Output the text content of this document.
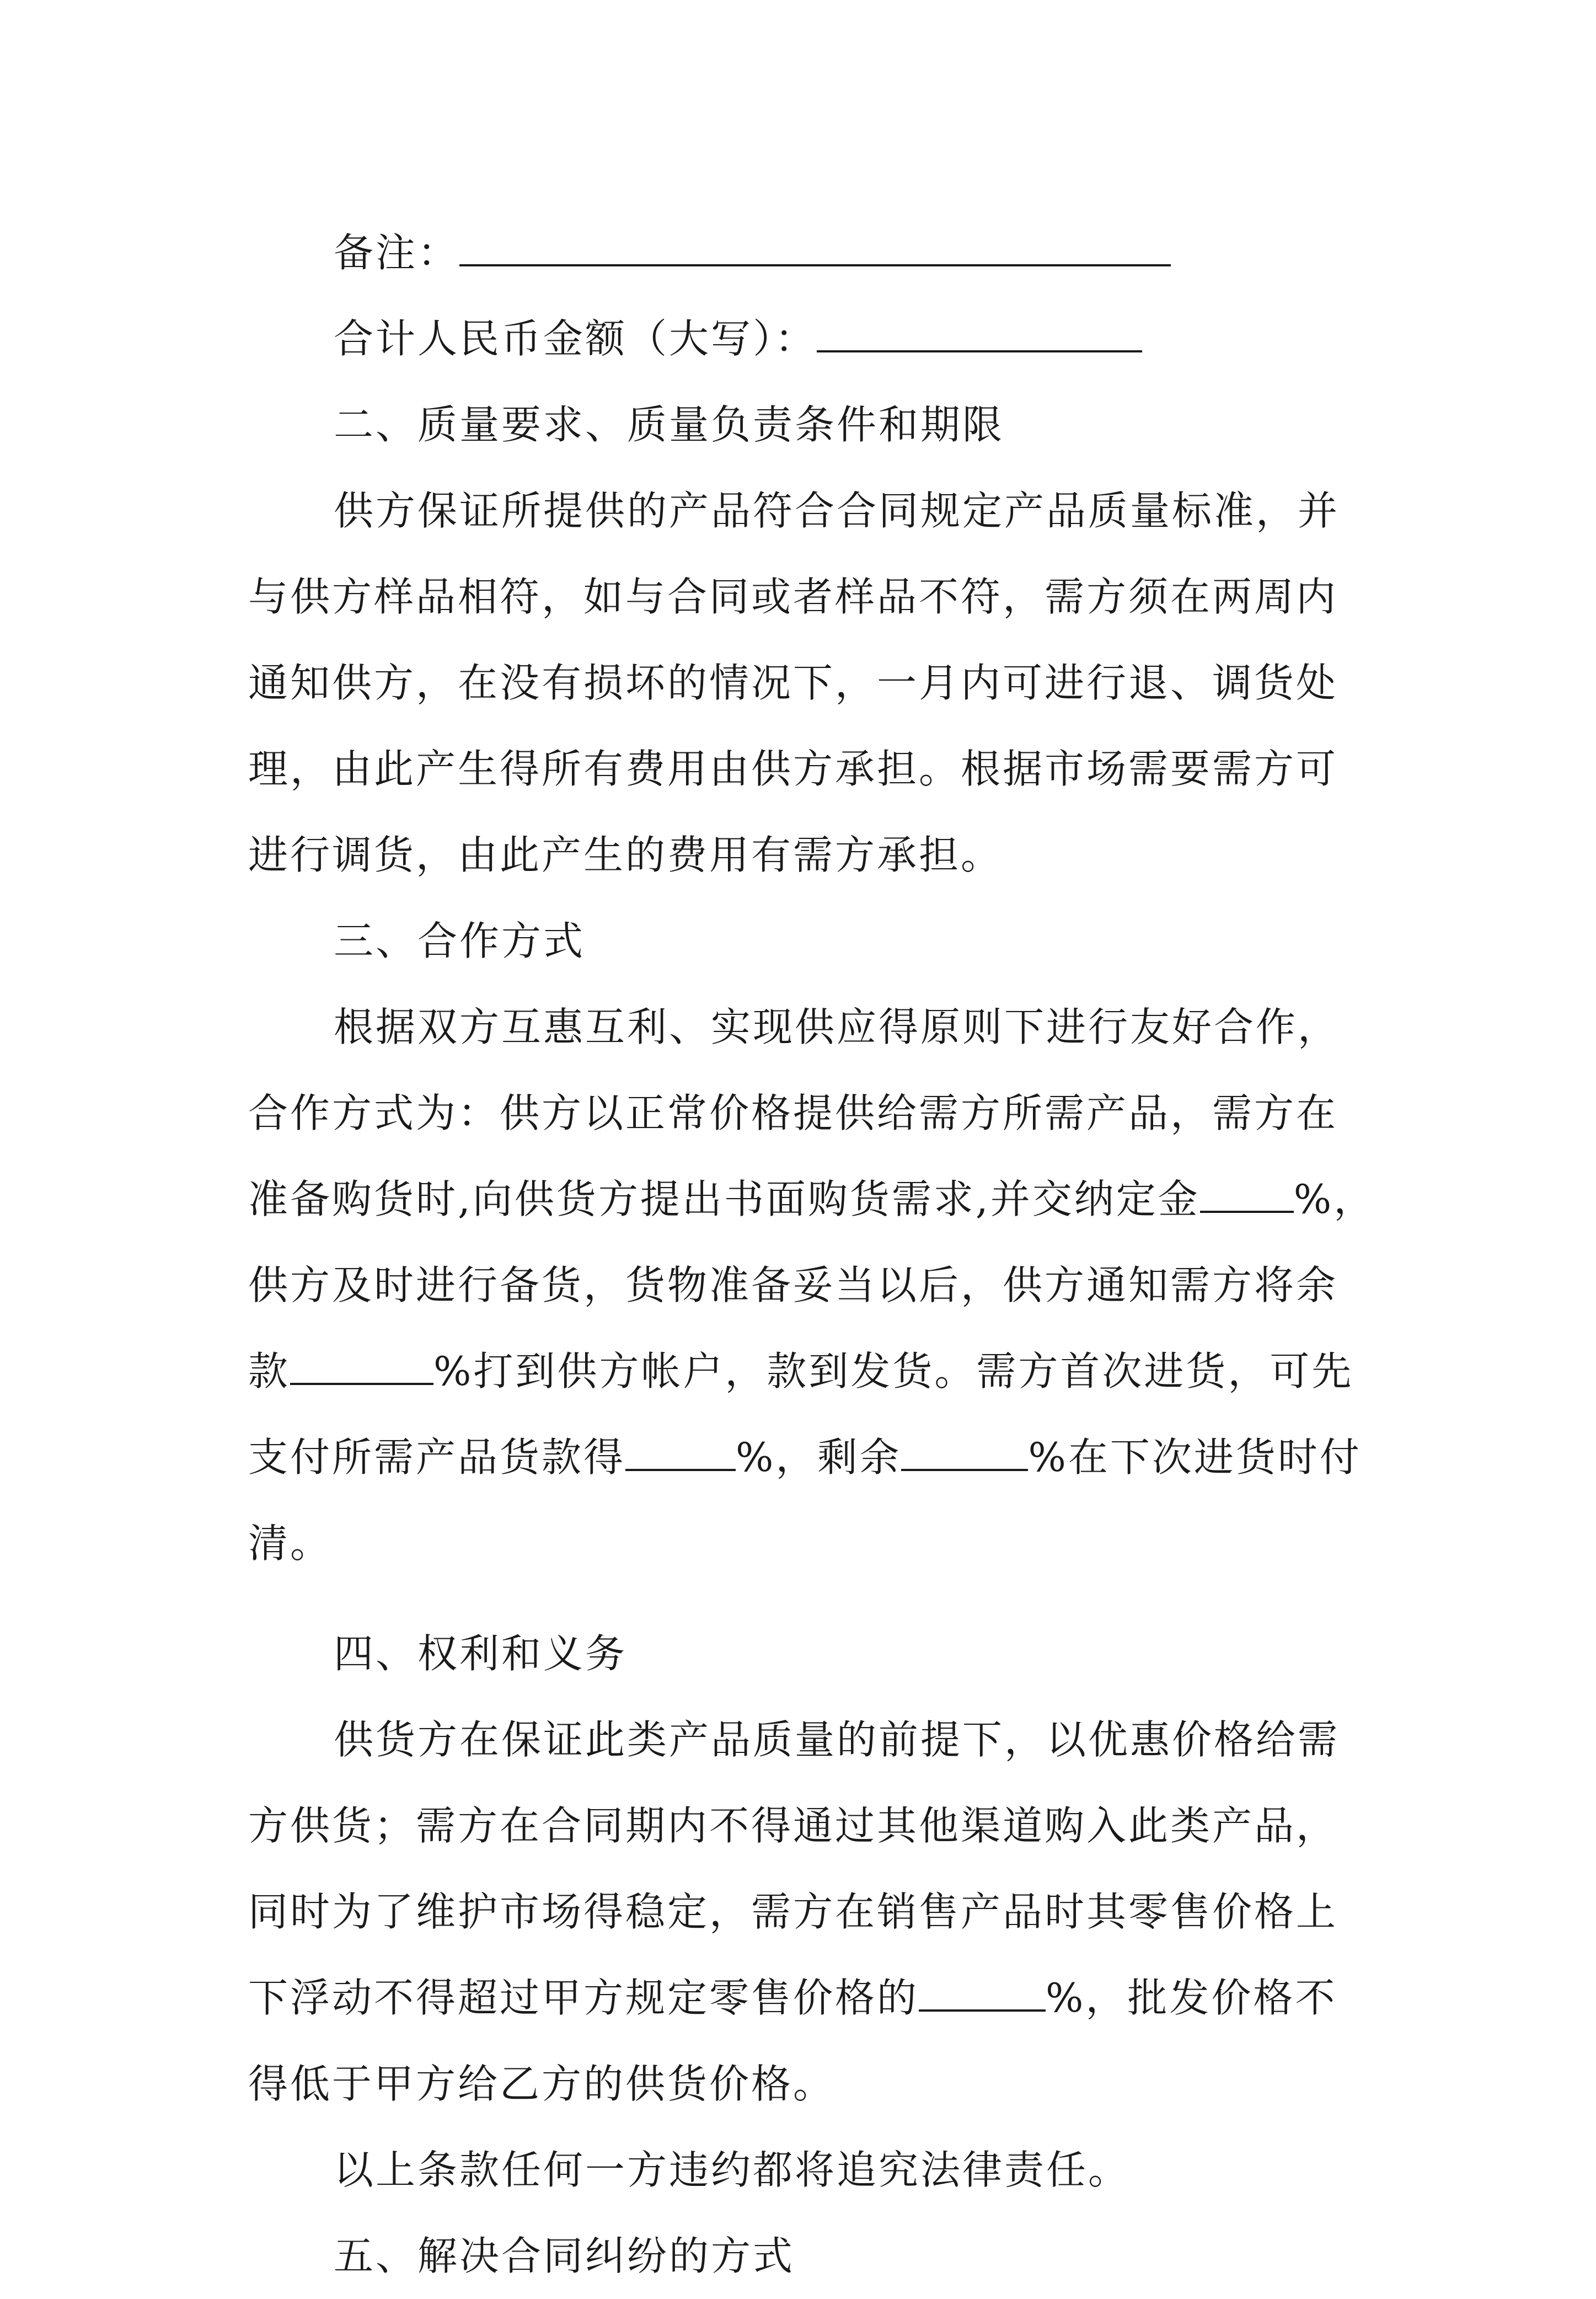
备注：
合计人民币金额（大写）：
二、质量要求、质量负责条件和期限
供方保证所提供的产品符合合同规定产品质量标准，并
与供方样品相符，如与合同或者样品不符，需方须在两周内
通知供方，在没有损坏的情况下，一月内可进行退、调货处
理，由此产生得所有费用由供方承担。根据市场需要需方可
进行调货，由此产生的费用有需方承担。
三、合作方式
根据双方互惠互利、实现供应得原则下进行友好合作，
合作方式为：供方以正常价格提供给需方所需产品，需方在
准备购货时,向供货方提出书面购货需求,并交纳定金 %，
供方及时进行备货，货物准备妥当以后，供方通知需方将余
款	%打到供方帐户，款到发货。需方首次进货，可先
支付所需产品货款得	%，剩余	%在下次进货时付
清。
四、权利和义务
供货方在保证此类产品质量的前提下，以优惠价格给需
方供货；需方在合同期内不得通过其他渠道购入此类产品，
同时为了维护市场得稳定，需方在销售产品时其零售价格上
下浮动不得超过甲方规定零售价格的	%，批发价格不
得低于甲方给乙方的供货价格。
以上条款任何一方违约都将追究法律责任。
五、解决合同纠纷的方式
